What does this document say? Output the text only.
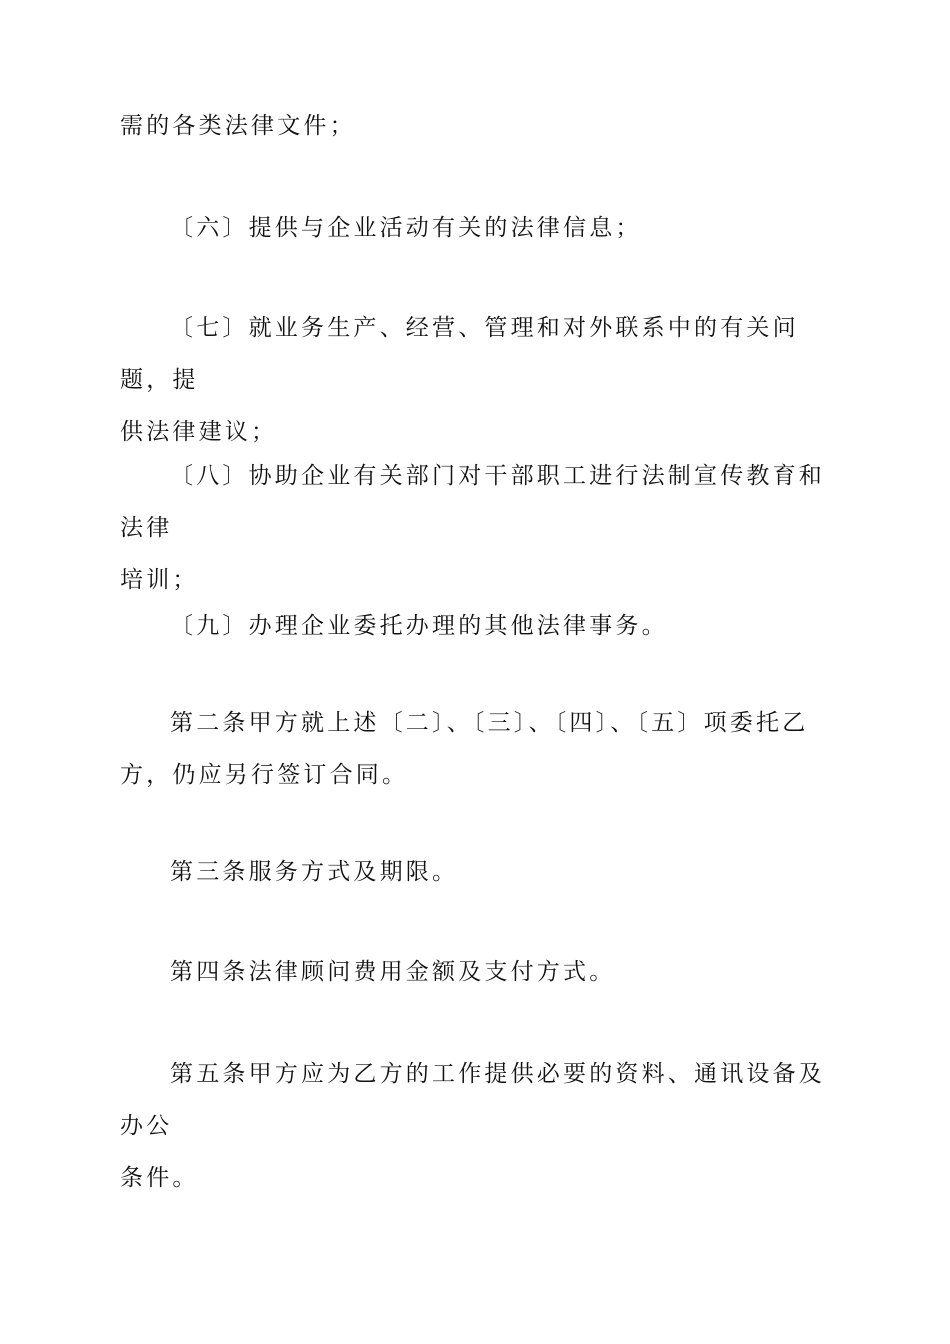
需的各类法律文件；

〔六〕提供与企业活动有关的法律信息；

〔七〕就业务生产、经营、管理和对外联系中的有关问题，提
供法律建议；

〔八〕协助企业有关部门对干部职工进行法制宣传教育和法律
培训；

〔九〕办理企业委托办理的其他法律事务。

第二条甲方就上述〔二〕、〔三〕、〔四〕、〔五〕项委托乙
方，仍应另行签订合同。

第三条服务方式及期限。

第四条法律顾问费用金额及支付方式。

第五条甲方应为乙方的工作提供必要的资料、通讯设备及办公
条件。
